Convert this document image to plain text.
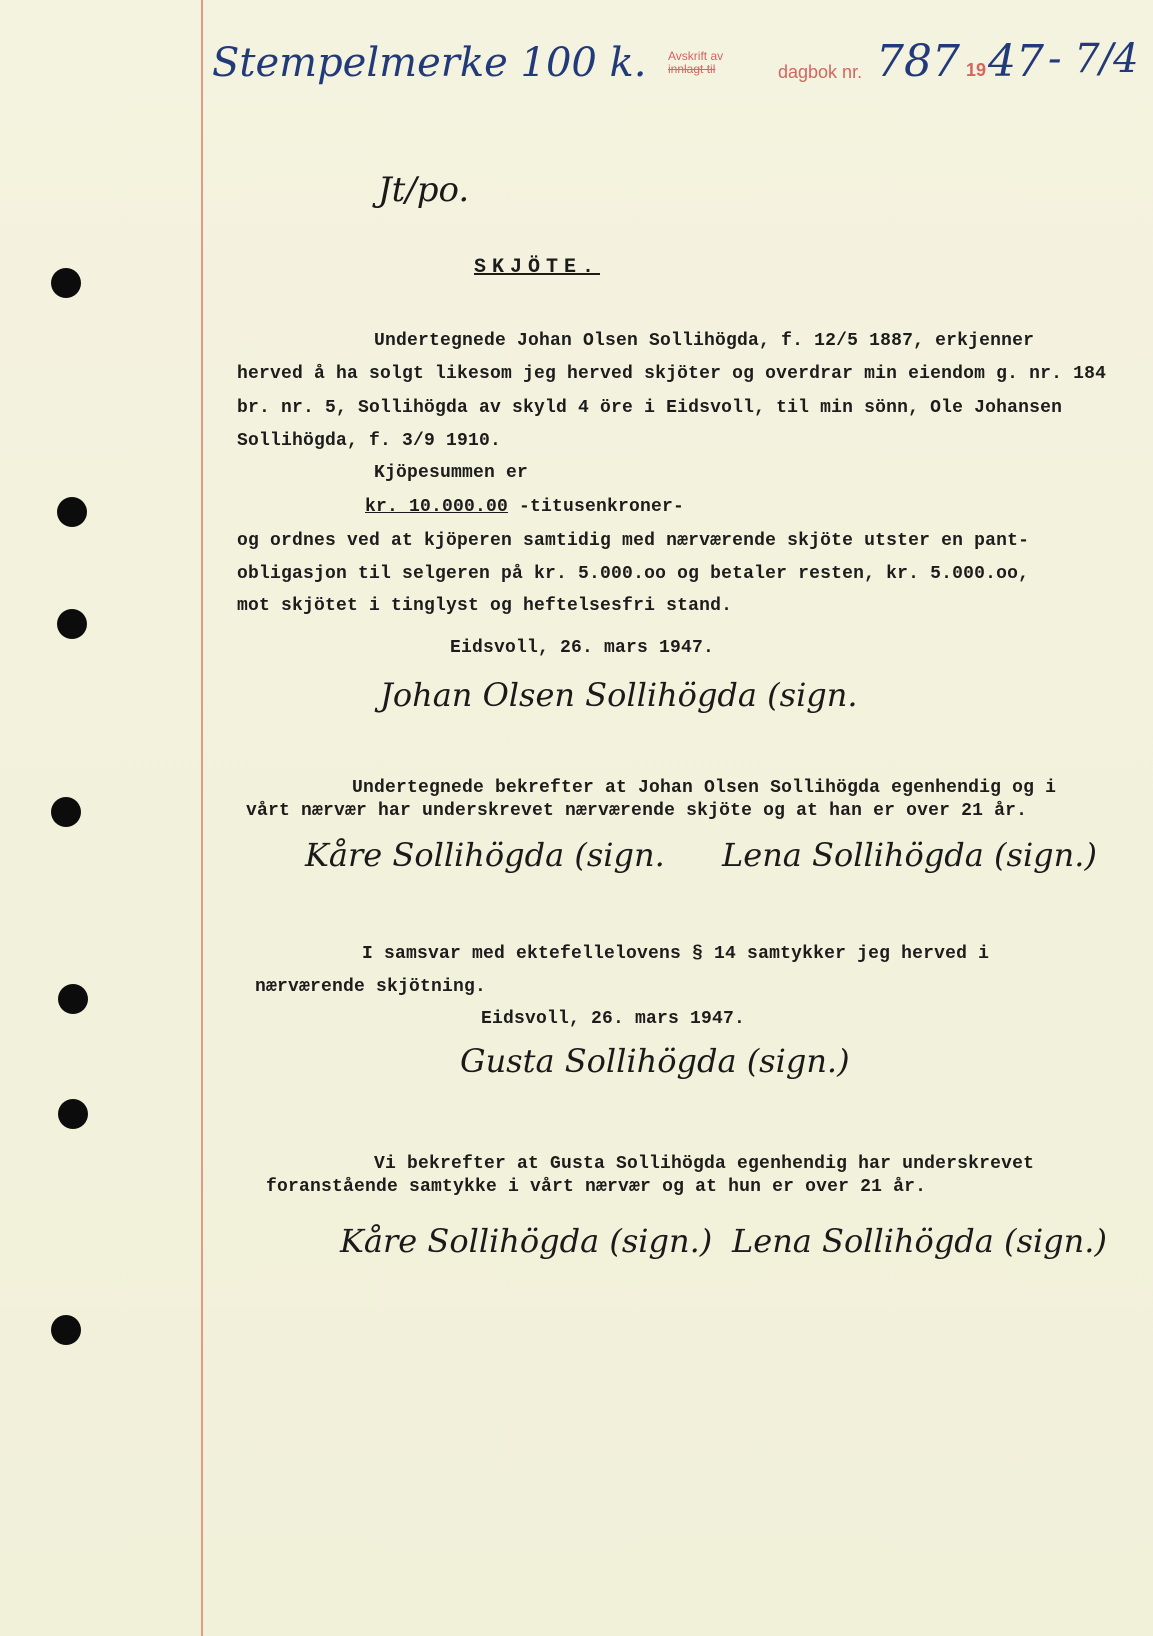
Stempelmerke 100 k. Avskrift av
innlagt til	dagbok nr. 787 19 47 - 7/4
Jt/po.
SKJÖTE.
Undertegnede Johan Olsen Sollihögda, f. 12/5 1887, erkjenner
herved å ha solgt likesom jeg herved skjöter og overdrar min eiendom g. nr. 184
br. nr. 5, Sollihögda av skyld 4 öre i Eidsvoll, til min sönn, Ole Johansen
Sollihögda, f. 3/9 1910.
Kjöpesummen er
kr. 10.000.00 -titusenkroner-
og ordnes ved at kjöperen samtidig med nærværende skjöte utster en pant-
obligasjon til selgeren på kr. 5.000.oo og betaler resten, kr. 5.000.oo,
mot skjötet i tinglyst og heftelsesfri stand.
Eidsvoll, 26. mars 1947.
Johan Olsen Sollihögda (sign.
Undertegnede bekrefter at Johan Olsen Sollihögda egenhendig og i
vårt nærvær har underskrevet nærværende skjöte og at han er over 21 år.
Kåre Sollihögda (sign. Lena Sollihögda (sign.)
I samsvar med ektefellelovens § 14 samtykker jeg herved i
nærværende skjötning.
Eidsvoll, 26. mars 1947.
Gusta Sollihögda (sign.)
Vi bekrefter at Gusta Sollihögda egenhendig har underskrevet
foranstående samtykke i vårt nærvær og at hun er over 21 år.
Kåre Sollihögda (sign.) Lena Sollihögda (sign.)
